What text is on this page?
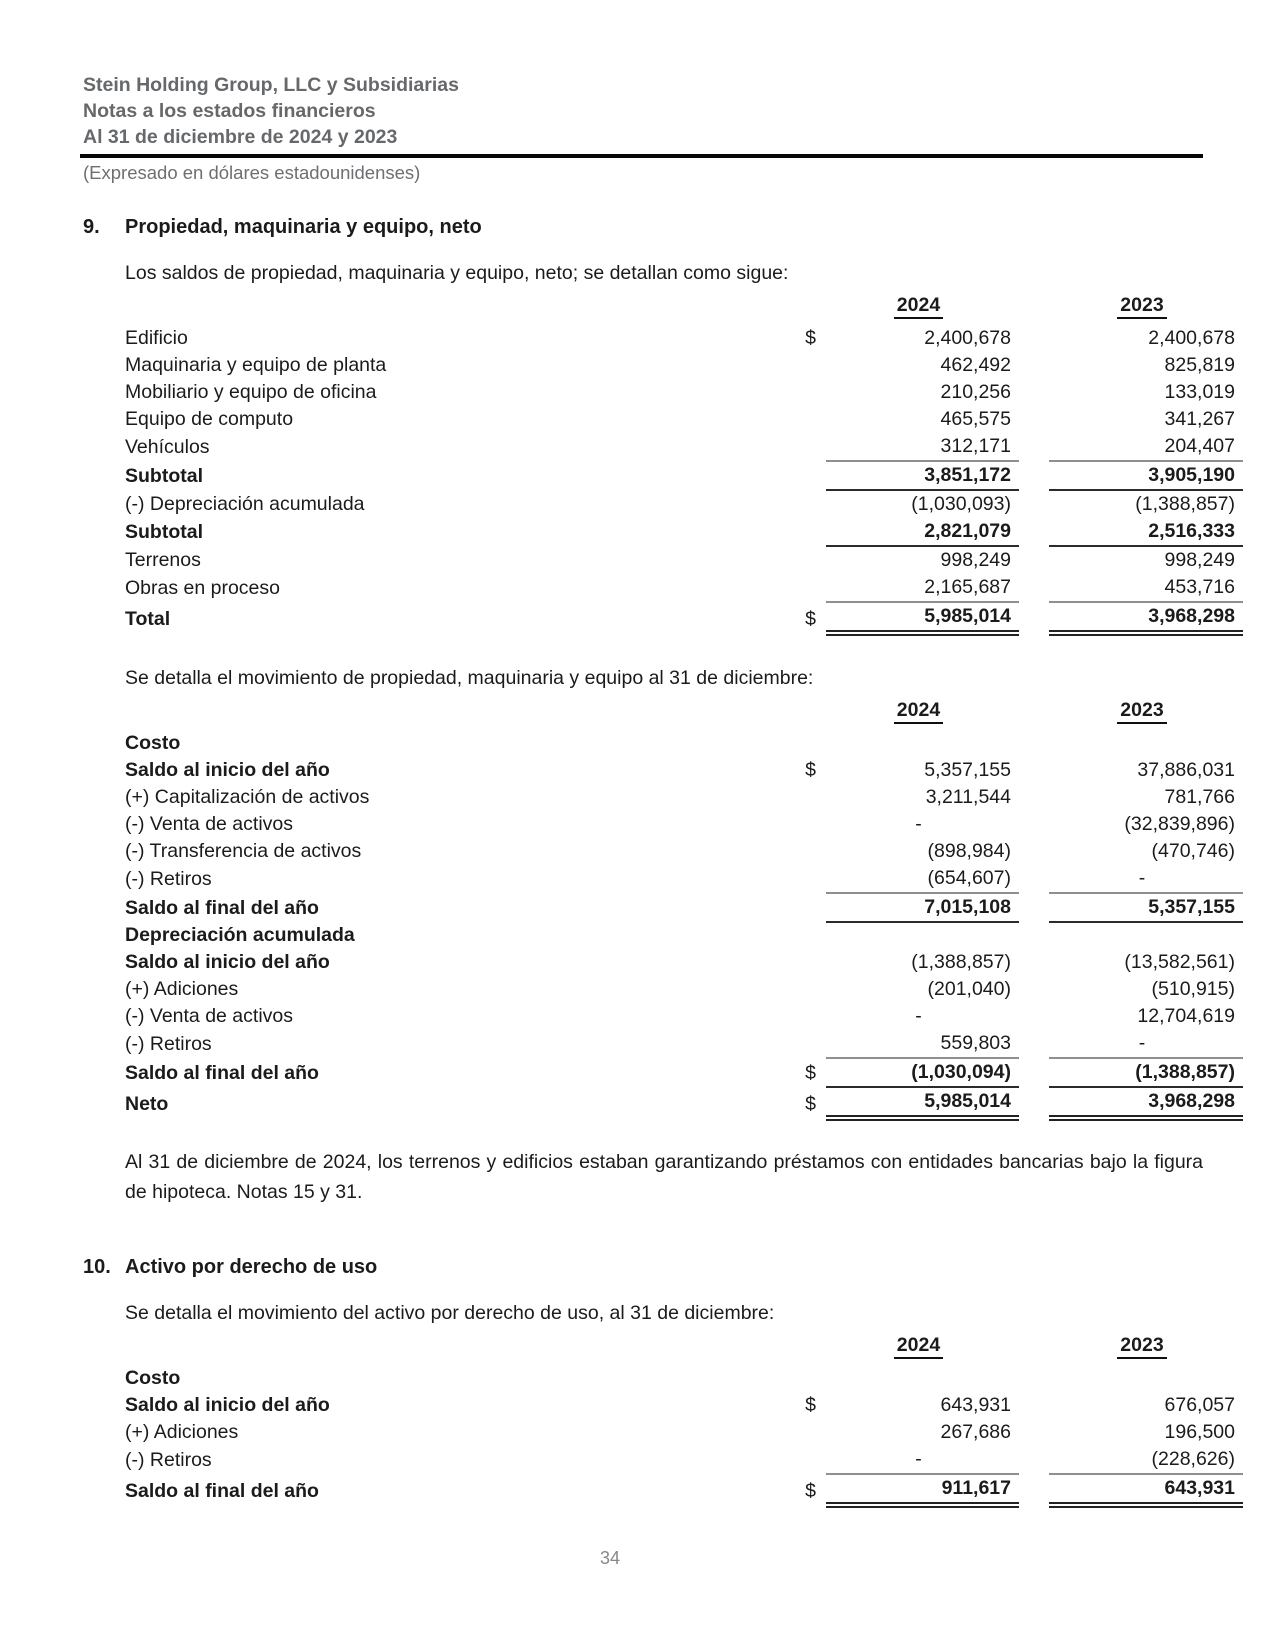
Stein Holding Group, LLC y Subsidiarias
Notas a los estados financieros
Al 31 de diciembre de 2024 y 2023
(Expresado en dólares estadounidenses)
9.	Propiedad, maquinaria y equipo, neto

Los saldos de propiedad, maquinaria y equipo, neto; se detallan como sigue:

		2024		2023
Edificio	$	2,400,678		2,400,678
Maquinaria y equipo de planta		462,492		825,819
Mobiliario y equipo de oficina		210,256		133,019
Equipo de computo		465,575		341,267
Vehículos		312,171		204,407
Subtotal		3,851,172		3,905,190
(-) Depreciación acumulada		(1,030,093)		(1,388,857)
Subtotal		2,821,079		2,516,333
Terrenos		998,249		998,249
Obras en proceso		2,165,687		453,716
Total	$	5,985,014		3,968,298

Se detalla el movimiento de propiedad, maquinaria y equipo al 31 de diciembre:

		2024		2023
Costo				
Saldo al inicio del año	$	5,357,155		37,886,031
(+) Capitalización de activos		3,211,544		781,766
(-) Venta de activos		-		(32,839,896)
(-) Transferencia de activos		(898,984)		(470,746)
(-) Retiros		(654,607)		-
Saldo al final del año		7,015,108		5,357,155
Depreciación acumulada				
Saldo al inicio del año		(1,388,857)		(13,582,561)
(+) Adiciones		(201,040)		(510,915)
(-) Venta de activos		-		12,704,619
(-) Retiros		559,803		-
Saldo al final del año	$	(1,030,094)		(1,388,857)
Neto	$	5,985,014		3,968,298

Al 31 de diciembre de 2024, los terrenos y edificios estaban garantizando préstamos con entidades bancarias bajo la figura de hipoteca. Notas 15 y 31.

10. Activo por derecho de uso

Se detalla el movimiento del activo por derecho de uso, al 31 de diciembre:

		2024		2023
Costo				
Saldo al inicio del año	$	643,931		676,057
(+) Adiciones		267,686		196,500
(-) Retiros		-		(228,626)
Saldo al final del año	$	911,617		643,931
34
